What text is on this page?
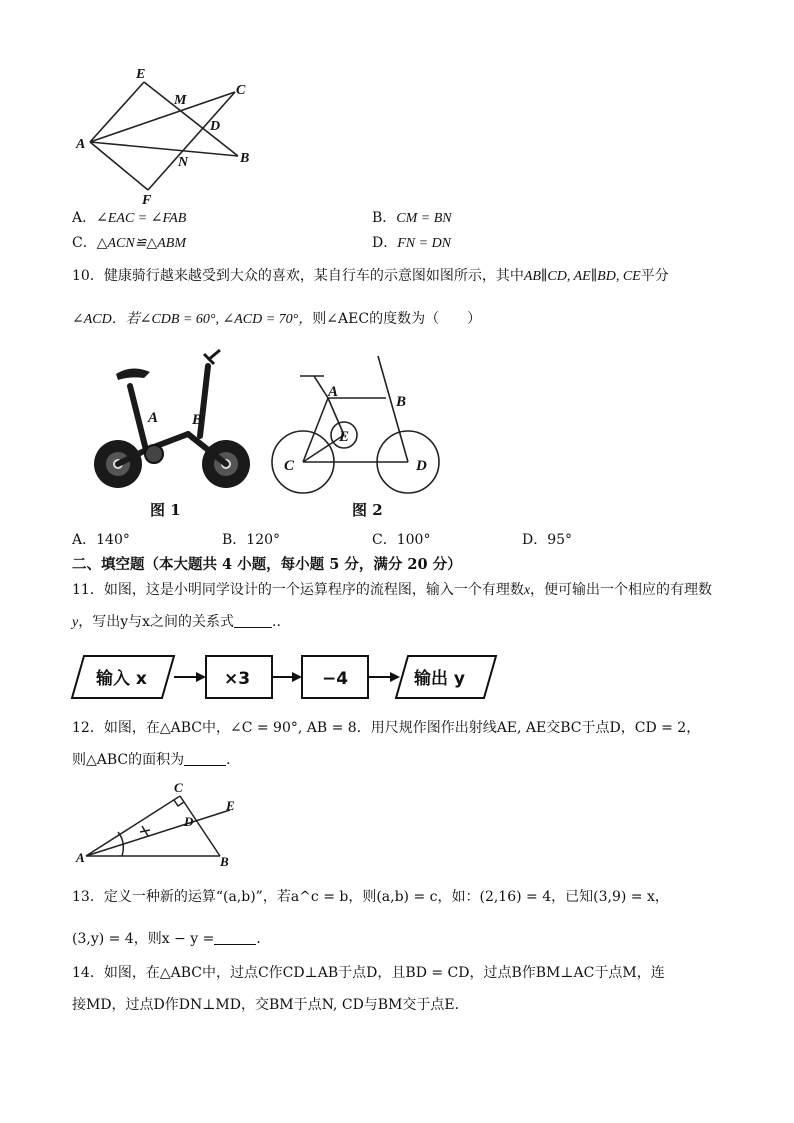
E
M
C
D
A
N	B
F
A．∠EAC = ∠FAB	B．CM = BN
C．△ACN≌△ABM	D．FN = DN
10．健康骑行越来越受到大众的喜欢，某自行车的示意图如图所示，其中AB∥CD, AE∥BD, CE平分
∠ACD．若∠CDB = 60°, ∠ACD = 70°，则∠AEC的度数为（　　）
A B
图 1
A
B
E
C	D
图 2
A．140°	B．120°	C．100°	D．95°
二、填空题（本大题共 4 小题，每小题 5 分，满分 20 分）
11．如图，这是小明同学设计的一个运算程序的流程图，输入一个有理数x，便可输出一个相应的有理数
y，写出y与x之间的关系式	..
输入 x	×3	−4	输出 y
12．如图，在△ABC中，∠C = 90°, AB = 8．用尺规作图作出射线AE, AE交BC于点D，CD = 2，
则△ABC的面积为	．
C
E
D
A	B
13．定义一种新的运算“(a,b)”，若a^c = b，则(a,b) = c，如：(2,16) = 4，已知(3,9) = x，
(3,y) = 4，则x − y =	．
14．如图，在△ABC中，过点C作CD⊥AB于点D，且BD = CD，过点B作BM⊥AC于点M，连
接MD，过点D作DN⊥MD，交BM于点N, CD与BM交于点E．
